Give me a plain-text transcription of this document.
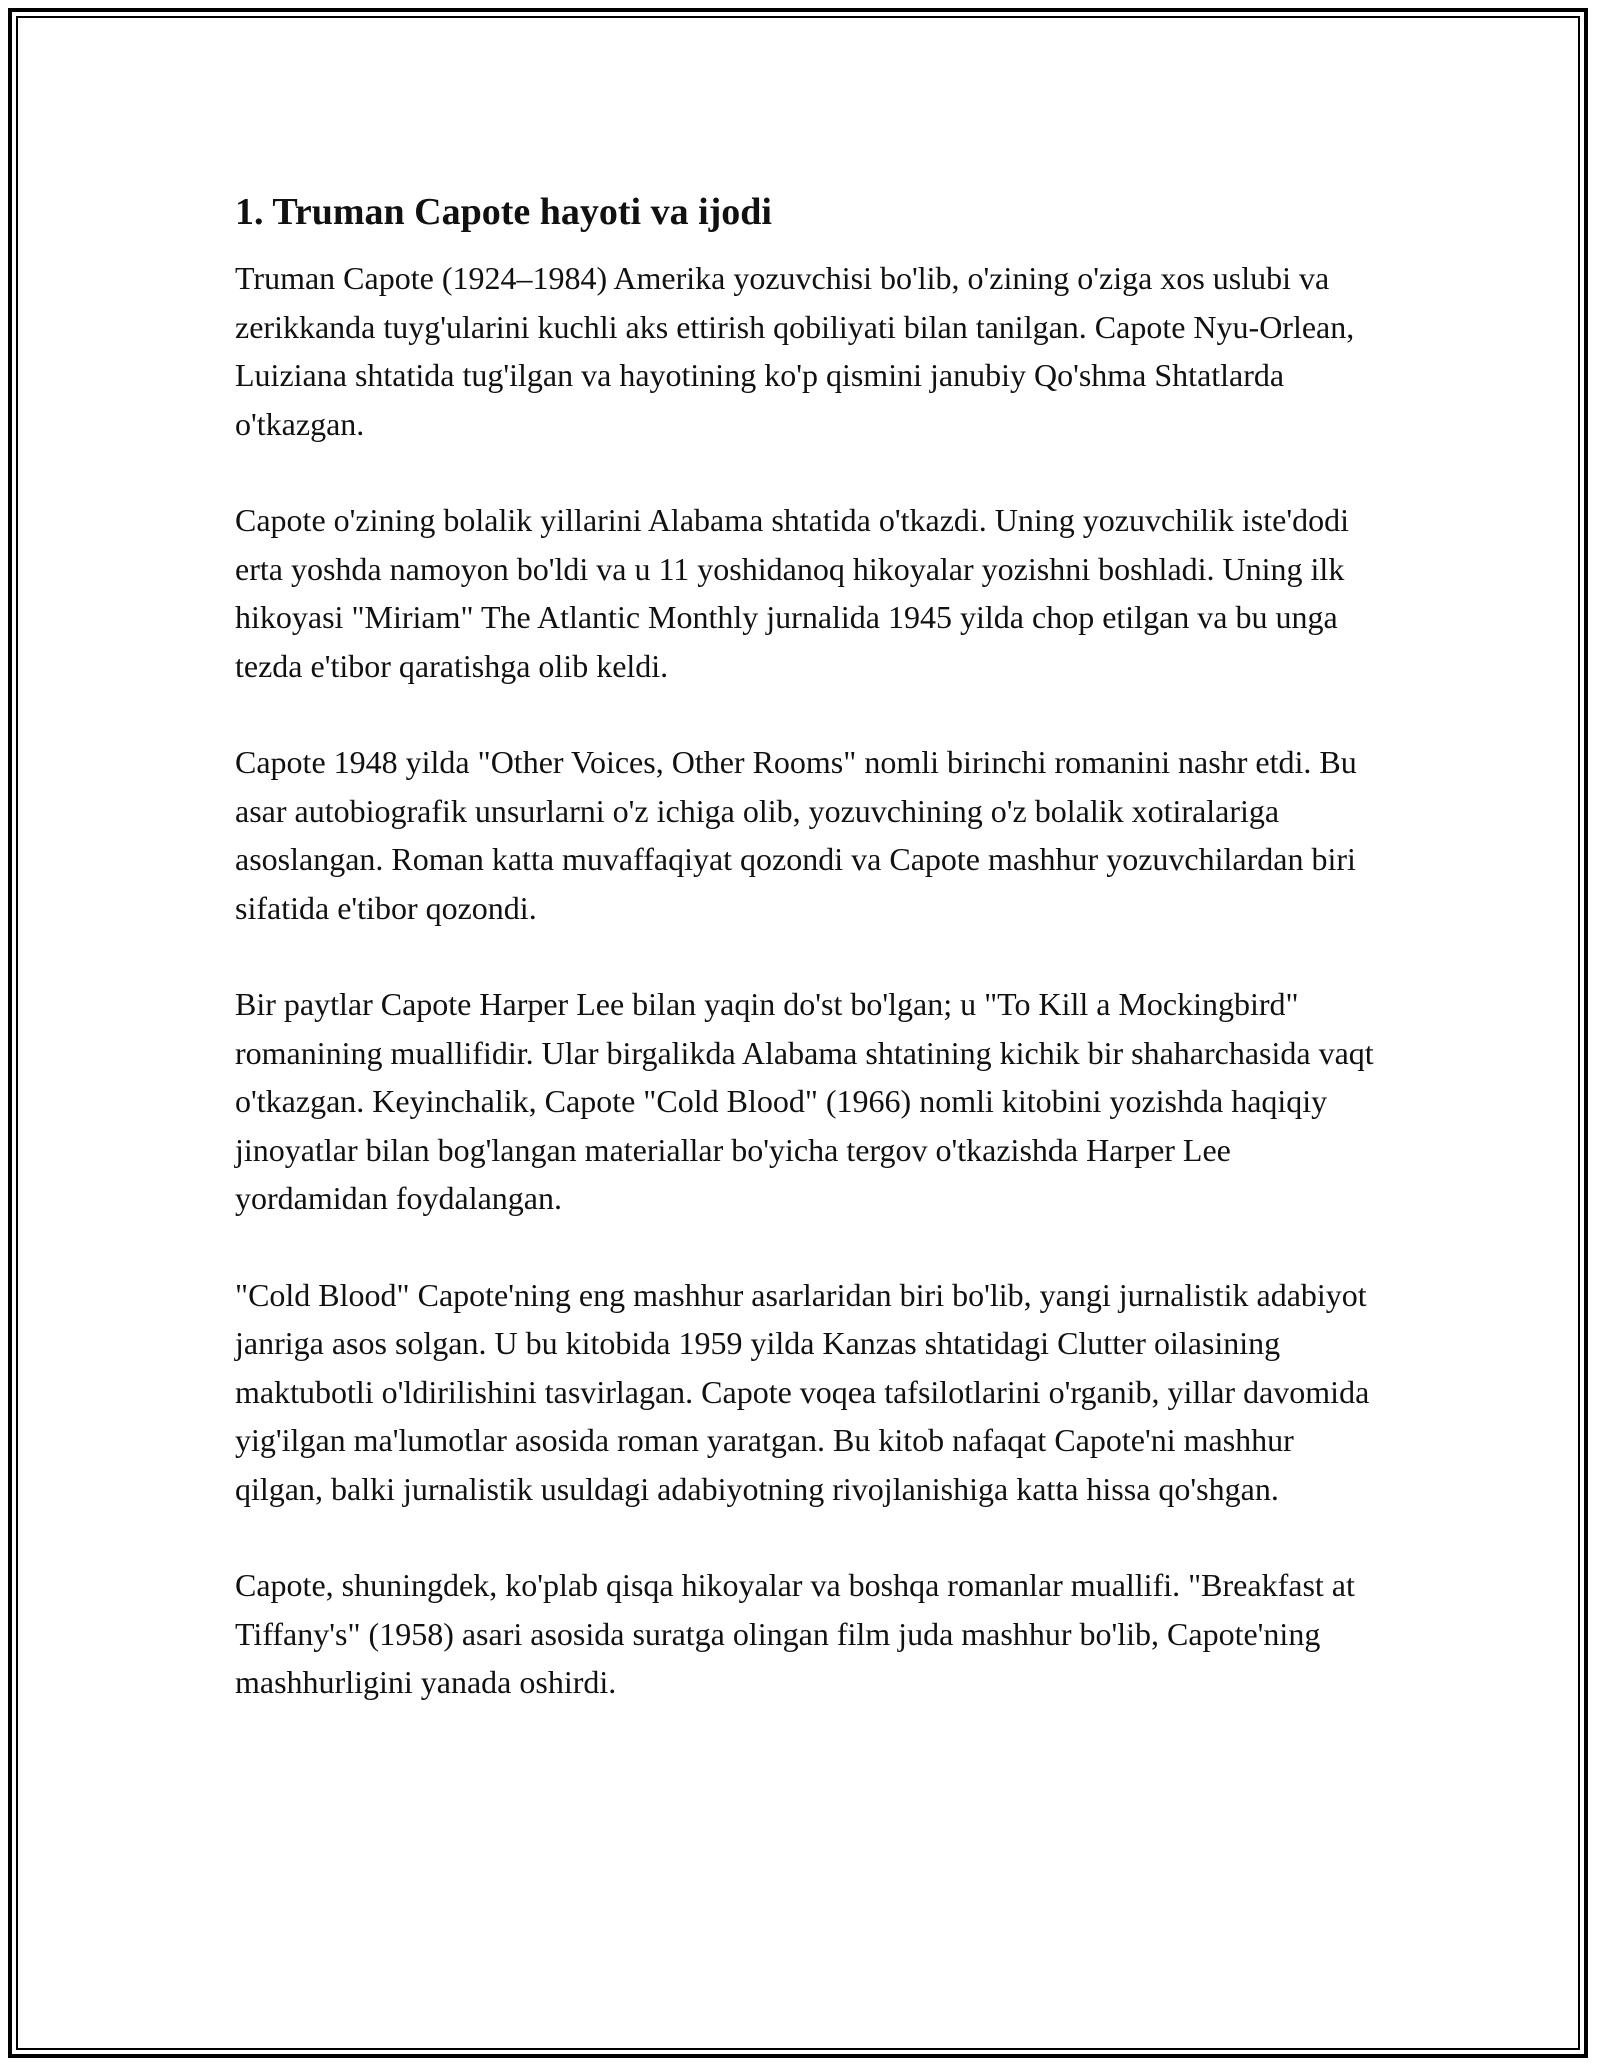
1. Truman Capote hayoti va ijodi

Truman Capote (1924–1984) Amerika yozuvchisi bo'lib, o'zining o'ziga xos uslubi va zerikkanda tuyg'ularini kuchli aks ettirish qobiliyati bilan tanilgan. Capote Nyu-Orlean, Luiziana shtatida tug'ilgan va hayotining ko'p qismini janubiy Qo'shma Shtatlarda o'tkazgan.

Capote o'zining bolalik yillarini Alabama shtatida o'tkazdi. Uning yozuvchilik iste'dodi erta yoshda namoyon bo'ldi va u 11 yoshidanoq hikoyalar yozishni boshladi. Uning ilk hikoyasi "Miriam" The Atlantic Monthly jurnalida 1945 yilda chop etilgan va bu unga tezda e'tibor qaratishga olib keldi.

Capote 1948 yilda "Other Voices, Other Rooms" nomli birinchi romanini nashr etdi. Bu asar autobiografik unsurlarni o'z ichiga olib, yozuvchining o'z bolalik xotiralariga asoslangan. Roman katta muvaffaqiyat qozondi va Capote mashhur yozuvchilardan biri sifatida e'tibor qozondi.

Bir paytlar Capote Harper Lee bilan yaqin do'st bo'lgan; u "To Kill a Mockingbird" romanining muallifidir. Ular birgalikda Alabama shtatining kichik bir shaharchasida vaqt o'tkazgan. Keyinchalik, Capote "Cold Blood" (1966) nomli kitobini yozishda haqiqiy jinoyatlar bilan bog'langan materiallar bo'yicha tergov o'tkazishda Harper Lee yordamidan foydalangan.

"Cold Blood" Capote'ning eng mashhur asarlaridan biri bo'lib, yangi jurnalistik adabiyot janriga asos solgan. U bu kitobida 1959 yilda Kanzas shtatidagi Clutter oilasining maktubotli o'ldirilishini tasvirlagan. Capote voqea tafsilotlarini o'rganib, yillar davomida yig'ilgan ma'lumotlar asosida roman yaratgan. Bu kitob nafaqat Capote'ni mashhur qilgan, balki jurnalistik usuldagi adabiyotning rivojlanishiga katta hissa qo'shgan.

Capote, shuningdek, ko'plab qisqa hikoyalar va boshqa romanlar muallifi. "Breakfast at Tiffany's" (1958) asari asosida suratga olingan film juda mashhur bo'lib, Capote'ning mashhurligini yanada oshirdi.
